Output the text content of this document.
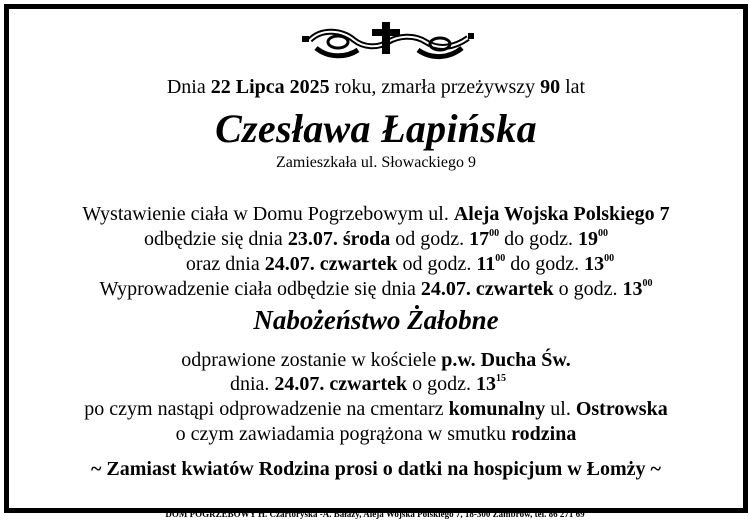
Dnia 22 Lipca 2025 roku, zmarła przeżywszy 90 lat
Czesława Łapińska
Zamieszkała ul. Słowackiego 9
Wystawienie ciała w Domu Pogrzebowym ul. Aleja Wojska Polskiego 7
odbędzie się dnia 23.07. środa od godz. $17^{00}$ do godz. $19^{00}$
oraz dnia 24.07. czwartek od godz. $11^{00}$ do godz. $13^{00}$
Wyprowadzenie ciała odbędzie się dnia 24.07. czwartek o godz. $13^{00}$
Nabożeństwo Żałobne
odprawione zostanie w kościele p.w. Ducha Św.
dnia. 24.07. czwartek o godz. $13^{15}$
po czym nastąpi odprowadzenie na cmentarz komunalny ul. Ostrowska
o czym zawiadamia pogrążona w smutku rodzina
~ Zamiast kwiatów Rodzina prosi o datki na hospicjum w Łomży ~
DOM POGRZEBOWY H. Czartoryska -A. Bałazy, Aleja Wojska Polskiego 7, 18-300 Zambrów, tel. 86 271 69
